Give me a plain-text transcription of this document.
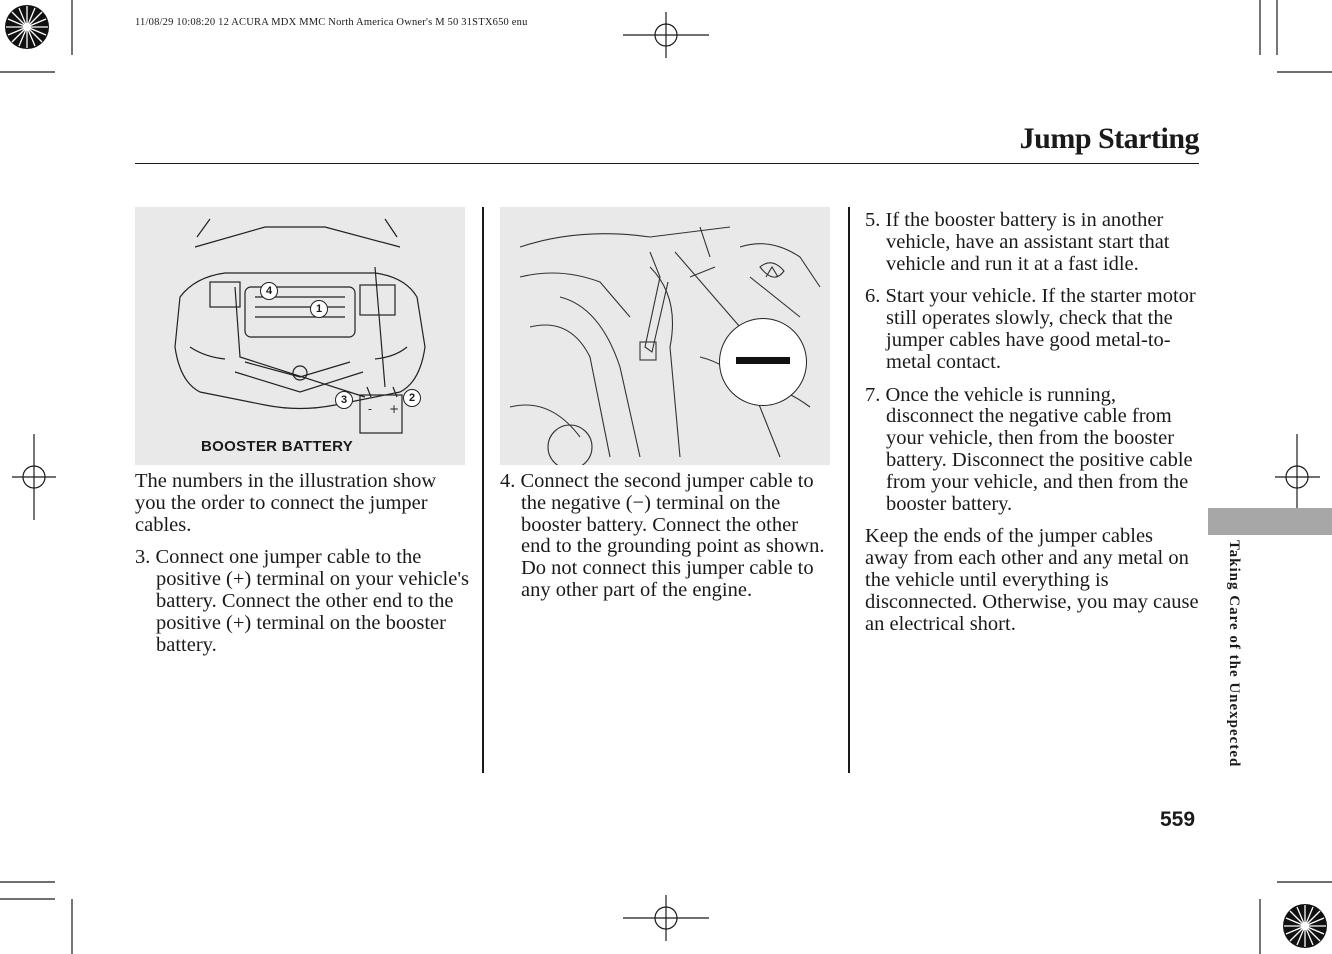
11/08/29 10:08:20 12 ACURA MDX MMC North America Owner's M 50 31STX650 enu
Jump Starting
- +
4
1
3	2
BOOSTER BATTERY

The numbers in the illustration show you the order to connect the jumper cables.

3. Connect one jumper cable to the positive (+) terminal on your vehicle's battery. Connect the other end to the positive (+) terminal on the booster battery.

4. Connect the second jumper cable to the negative (−) terminal on the booster battery. Connect the other end to the grounding point as shown. Do not connect this jumper cable to any other part of the engine.

5. If the booster battery is in another vehicle, have an assistant start that vehicle and run it at a fast idle.

6. Start your vehicle. If the starter motor still operates slowly, check that the jumper cables have good metal-to-metal contact.

7. Once the vehicle is running, disconnect the negative cable from your vehicle, then from the booster battery. Disconnect the positive cable from your vehicle, and then from the booster battery.

Keep the ends of the jumper cables away from each other and any metal on the vehicle until everything is disconnected. Otherwise, you may cause an electrical short.	Taking Care of the Unexpected
559
